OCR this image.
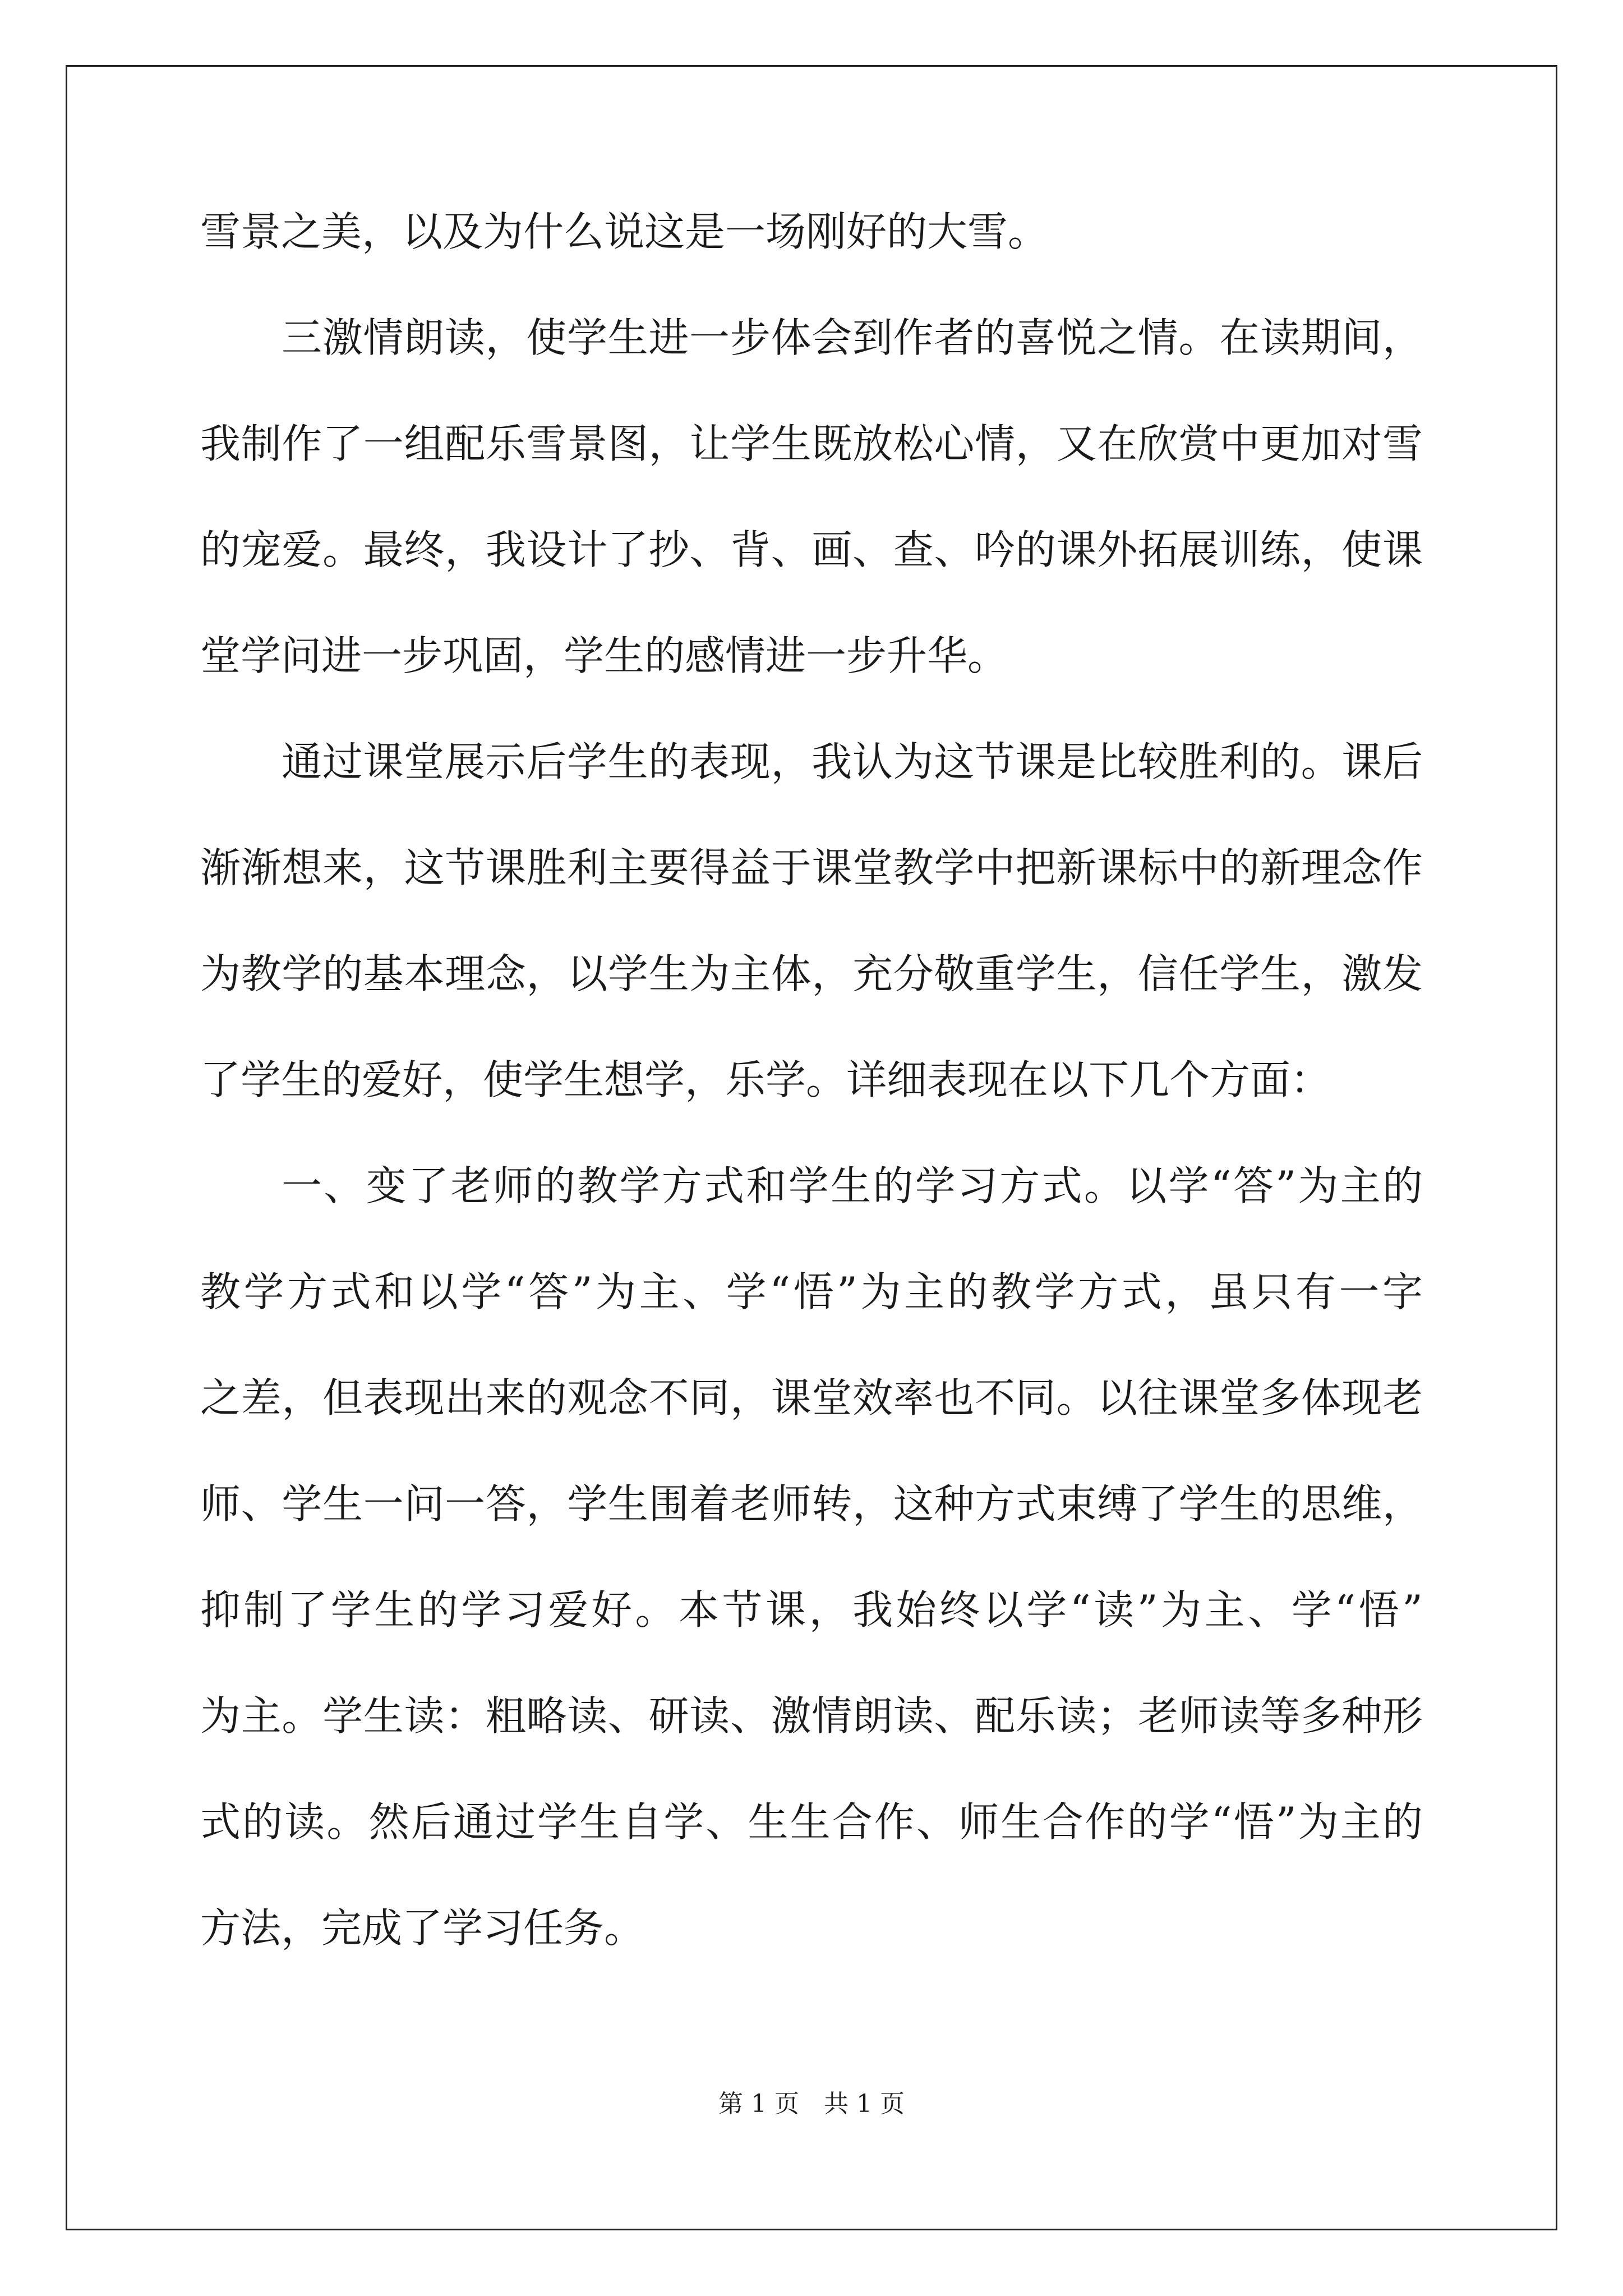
雪景之美，以及为什么说这是一场刚好的大雪。
三激情朗读，使学生进一步体会到作者的喜悦之情。在读期间，
我制作了一组配乐雪景图，让学生既放松心情，又在欣赏中更加对雪
的宠爱。最终，我设计了抄、背、画、查、吟的课外拓展训练，使课
堂学问进一步巩固，学生的感情进一步升华。
通过课堂展示后学生的表现，我认为这节课是比较胜利的。课后
渐渐想来，这节课胜利主要得益于课堂教学中把新课标中的新理念作
为教学的基本理念，以学生为主体，充分敬重学生，信任学生，激发
了学生的爱好，使学生想学，乐学。详细表现在以下几个方面：
一、变了老师的教学方式和学生的学习方式。以学“答”为主的
教学方式和以学“答”为主、学“悟”为主的教学方式，虽只有一字
之差，但表现出来的观念不同，课堂效率也不同。以往课堂多体现老
师、学生一问一答，学生围着老师转，这种方式束缚了学生的思维，
抑制了学生的学习爱好。本节课，我始终以学“读”为主、学“悟”
为主。学生读：粗略读、研读、激情朗读、配乐读；老师读等多种形
式的读。然后通过学生自学、生生合作、师生合作的学“悟”为主的
方法，完成了学习任务。
第 1 页 共 1 页
